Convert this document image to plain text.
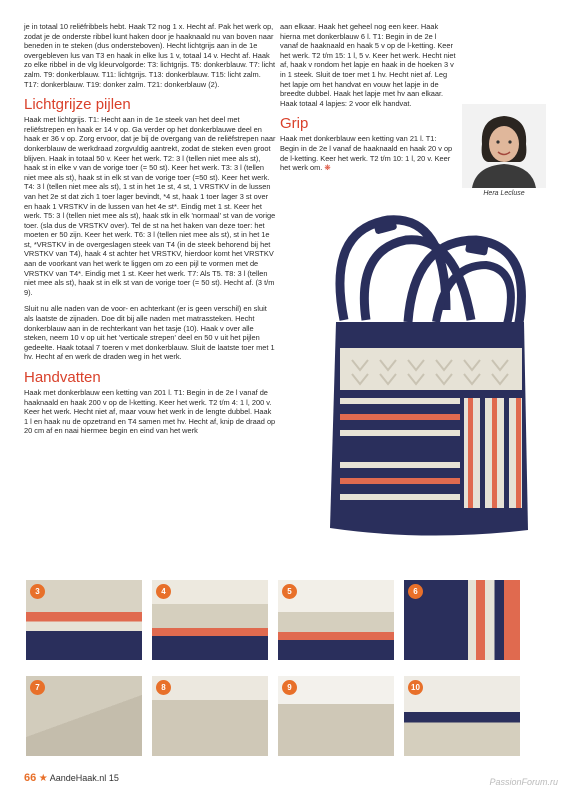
je in totaal 10 reliëfribbels hebt. Haak T2 nog 1 x. Hecht af. Pak het werk op, zodat je de onderste ribbel kunt haken door je haaknaald nu van boven naar beneden in te steken (dus ondersteboven). Hecht lichtgrijs aan in de 1e overgebleven lus van T3 en haak in elke lus 1 v, totaal 14 v. Hecht af. Haak zo elke ribbel in de vlg kleurvolgorde: T3: lichtgrijs. T5: donkerblauw. T7: licht zalm. T9: donkerblauw. T11: lichtgrijs. T13: donkerblauw. T15: licht zalm. T17: donkerblauw. T19: donker zalm. T21: donkerblauw (2).

Lichtgrijze pijlen

Haak met lichtgrijs. T1: Hecht aan in de 1e steek van het deel met reliëfstrepen en haak er 14 v op. Ga verder op het donkerblauwe deel en haak er 36 v op. Zorg ervoor, dat je bij de overgang van de reliëfstrepen naar donkerblauw de werkdraad zorgvuldig aantrekt, zodat de steken even groot blijven. Haak in totaal 50 v. Keer het werk. T2: 3 l (tellen niet mee als st), haak st in elke v van de vorige toer (= 50 st). Keer het werk. T3: 3 l (tellen niet mee als st), haak st in elk st van de vorige toer (=50 st). Keer het werk. T4: 3 l (tellen niet mee als st), 1 st in het 1e st, 4 st, 1 VRSTKV in de lussen van het 2e st dat zich 1 toer lager bevindt, *4 st, haak 1 toer lager 3 st over en haak 1 VRSTKV in de lussen van het 4e st*. Eindig met 1 st. Keer het werk. T5: 3 l (tellen niet mee als st), haak stk in elk 'normaal' st van de vorige toer. (sla dus de VRSTKV over). Tel de st na het haken van deze toer: het moeten er 50 zijn. Keer het werk. T6: 3 l (tellen niet mee als st), st in het 1e st, *VRSTKV in de overgeslagen steek van T4 (in de steek behorend bij het VRSTKV van T4), haak 4 st achter het VRSTKV, hierdoor komt het VRSTKV aan de voorkant van het werk te liggen om zo een pijl te vormen met de VRSTKV van T4*. Eindig met 1 st. Keer het werk. T7: Als T5. T8: 3 l (tellen niet mee als st), haak st in elk st van de vorige toer (= 50 st). Hecht af. (3 t/m 9).

Sluit nu alle naden van de voor- en achterkant (er is geen verschil) en sluit als laatste de zijnaden. Doe dit bij alle naden met matrassteken. Hecht donkerblauw aan in de rechterkant van het tasje (10). Haak v over alle steken, neem 10 v op uit het 'verticale strepen' deel en 50 v uit het pijlen gedeelte. Haak totaal 7 toeren v met donkerblauw. Sluit de laatste toer met 1 hv. Hecht af en werk de draden weg in het werk.

Handvatten

Haak met donkerblauw een ketting van 201 l. T1: Begin in de 2e l vanaf de haaknaald en haak 200 v op de l-ketting. Keer het werk. T2 t/m 4: 1 l, 200 v. Keer het werk. Hecht niet af, maar vouw het werk in de lengte dubbel. Haak 1 l en haak nu de opzetrand en T4 samen met hv. Hecht af, knip de draad op 20 cm af en naai hiermee begin en eind van het werk

aan elkaar. Haak het geheel nog een keer. Haak hierna met donkerblauw 6 l. T1: Begin in de 2e l vanaf de haaknaald en haak 5 v op de l-ketting. Keer het werk. T2 t/m 15: 1 l, 5 v. Keer het werk. Hecht niet af, haak v rondom het lapje en haak in de hoeken 3 v in 1 steek. Sluit de toer met 1 hv. Hecht niet af. Leg het lapje om het handvat en vouw het lapje in de breedte dubbel. Haak het lapje met hv aan elkaar. Haak totaal 4 lapjes: 2 voor elk handvat.

Grip

Haak met donkerblauw een ketting van 21 l. T1: Begin in de 2e l vanaf de haaknaald en haak 20 v op de l-ketting. Keer het werk. T2 t/m 10: 1 l, 20 v. Keer het werk om. ❋

Hera Lecluse
3	4	5	6
7	8	9	10
66 ★ AandeHaak.nl 15	PassionForum.ru
